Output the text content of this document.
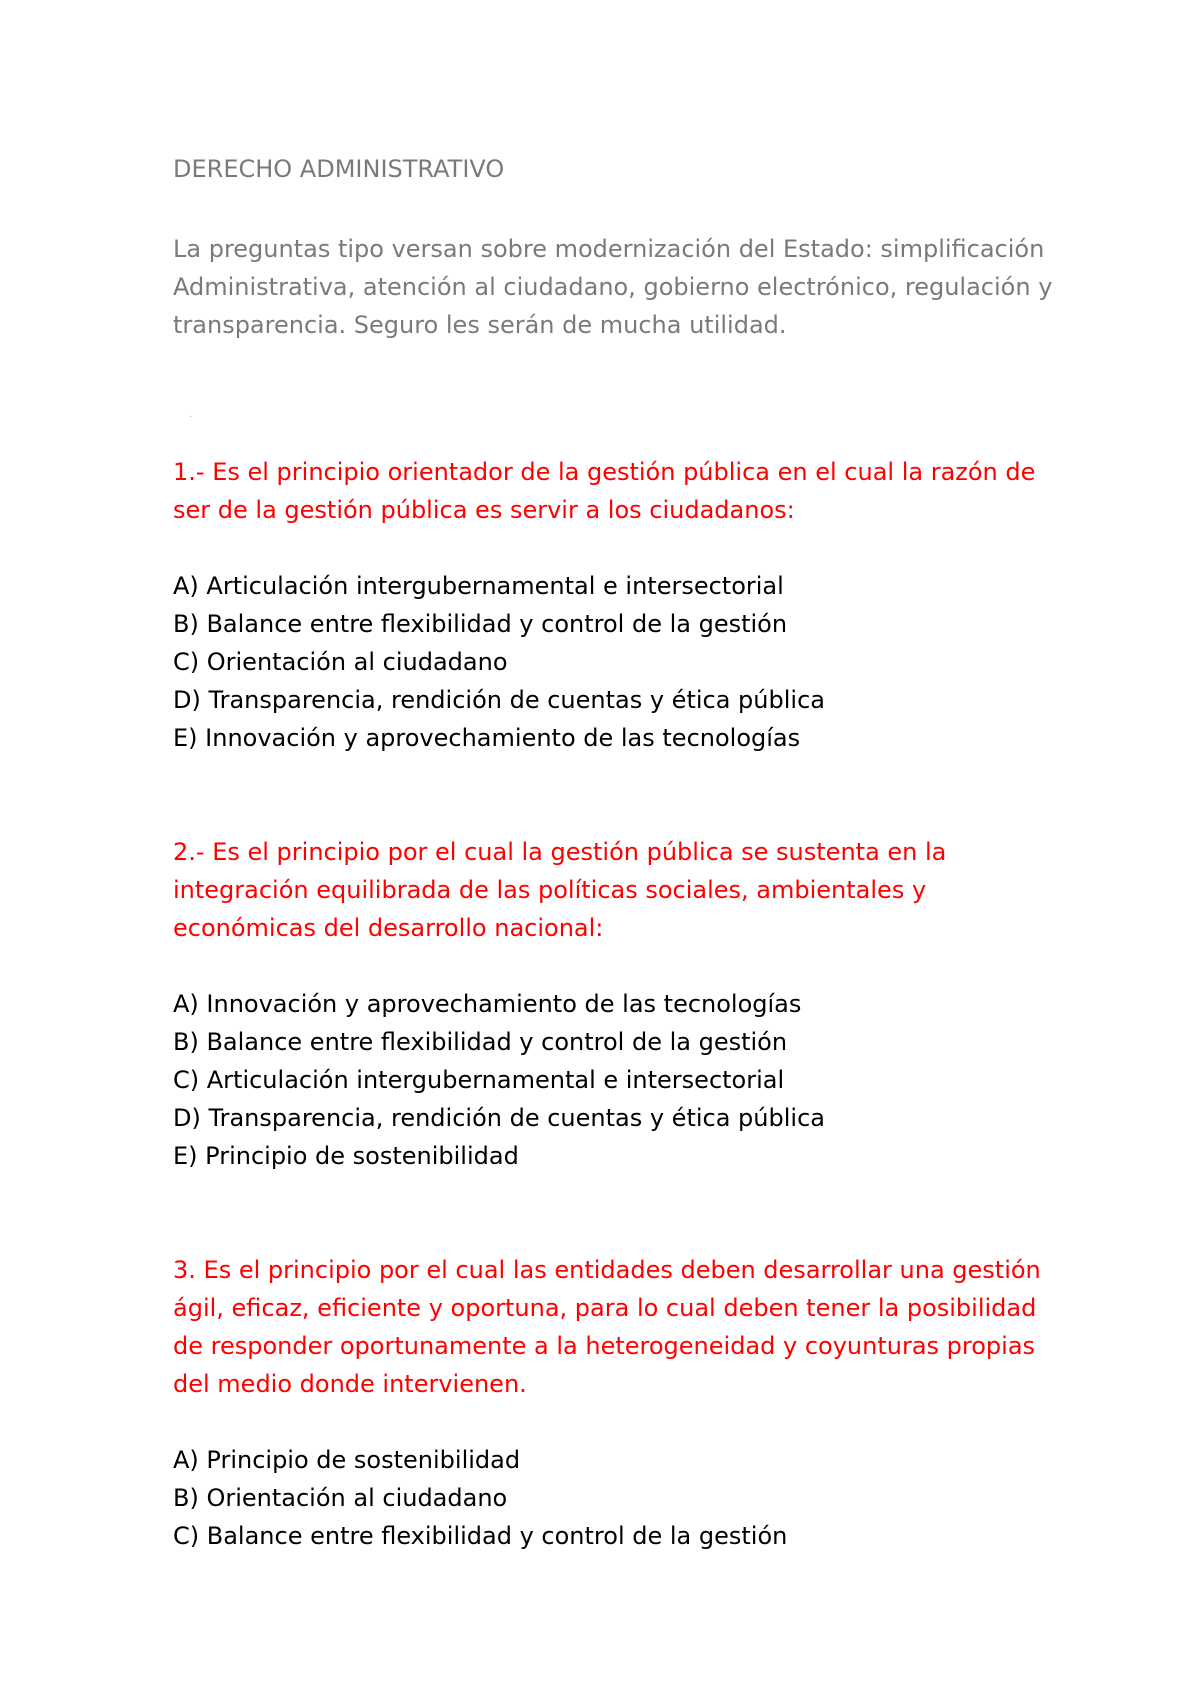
DERECHO ADMINISTRATIVO

La preguntas tipo versan sobre modernización del Estado: simplificación Administrativa, atención al ciudadano, gobierno electrónico, regulación y transparencia. Seguro les serán de mucha utilidad.

.

1.- Es el principio orientador de la gestión pública en el cual la razón de ser de la gestión pública es servir a los ciudadanos:

A) Articulación intergubernamental e intersectorial
B) Balance entre flexibilidad y control de la gestión
C) Orientación al ciudadano
D) Transparencia, rendición de cuentas y ética pública
E) Innovación y aprovechamiento de las tecnologías

2.- Es el principio por el cual la gestión pública se sustenta en la integración equilibrada de las políticas sociales, ambientales y económicas del desarrollo nacional:

A) Innovación y aprovechamiento de las tecnologías
B) Balance entre flexibilidad y control de la gestión
C) Articulación intergubernamental e intersectorial
D) Transparencia, rendición de cuentas y ética pública
E) Principio de sostenibilidad

3. Es el principio por el cual las entidades deben desarrollar una gestión ágil, eficaz, eficiente y oportuna, para lo cual deben tener la posibilidad de responder oportunamente a la heterogeneidad y coyunturas propias del medio donde intervienen.

A) Principio de sostenibilidad
B) Orientación al ciudadano
C) Balance entre flexibilidad y control de la gestión
